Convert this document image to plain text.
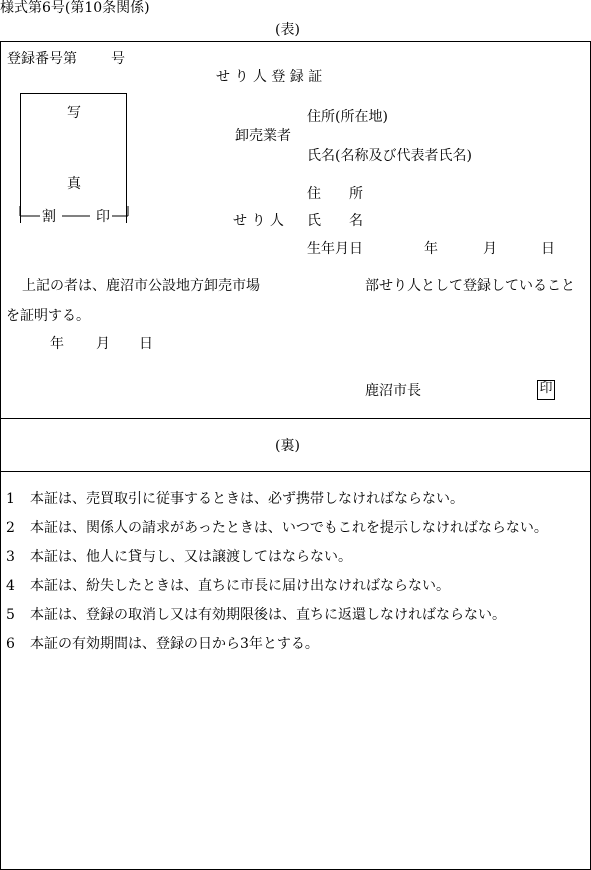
様式第6号(第10条関係)
(表)
登録番号第 号
せ り 人 登 録 証
写
真
割	印
住所(所在地)
卸売業者
氏名(名称及び代表者氏名)
住　　所
せ り 人 氏　　名
生年月日	年	月	日
上記の者は、鹿沼市公設地方卸売市場	部せり人として登録していること
を証明する。
年 月 日
鹿沼市長	印
(裏)
1 本証は、売買取引に従事するときは、必ず携帯しなければならない。
2 本証は、関係人の請求があったときは、いつでもこれを提示しなければならない。
3 本証は、他人に貸与し、又は譲渡してはならない。
4 本証は、紛失したときは、直ちに市長に届け出なければならない。
5 本証は、登録の取消し又は有効期限後は、直ちに返還しなければならない。
6 本証の有効期間は、登録の日から3年とする。
